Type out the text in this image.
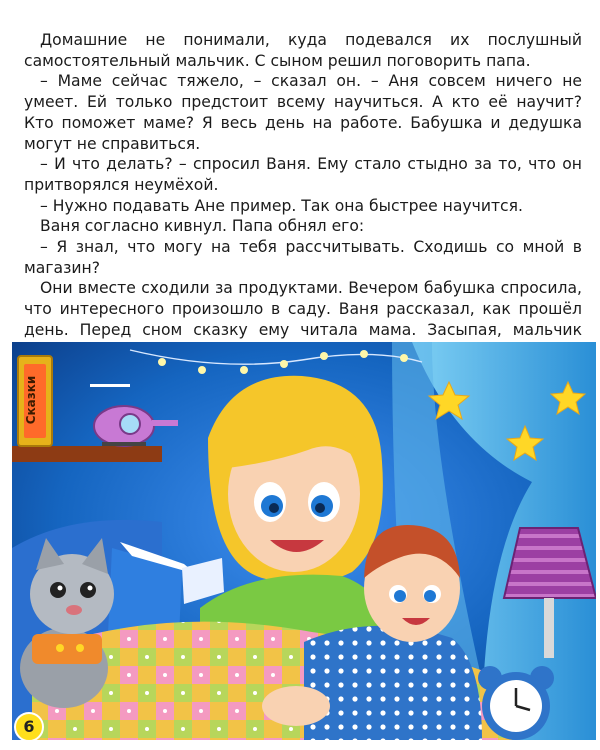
Домашние не понимали, куда подевался их послушный самостоятельный мальчик. С сыном решил поговорить папа.

– Маме сейчас тяжело, – сказал он. – Аня совсем ничего не умеет. Ей только предстоит всему научиться. А кто её научит? Кто поможет маме? Я весь день на работе. Бабушка и дедушка могут не справиться.

– И что делать? – спросил Ваня. Ему стало стыдно за то, что он притворялся неумёхой.

– Нужно подавать Ане пример. Так она быстрее научится.

Ваня согласно кивнул. Папа обнял его:

– Я знал, что могу на тебя рассчитывать. Сходишь со мной в магазин?

Они вместе сходили за продуктами. Вечером бабушка спросила, что интересного произошло в саду. Ваня рассказал, как прошёл день. Перед сном сказку ему читала мама. Засыпая, мальчик

Сказки
6
